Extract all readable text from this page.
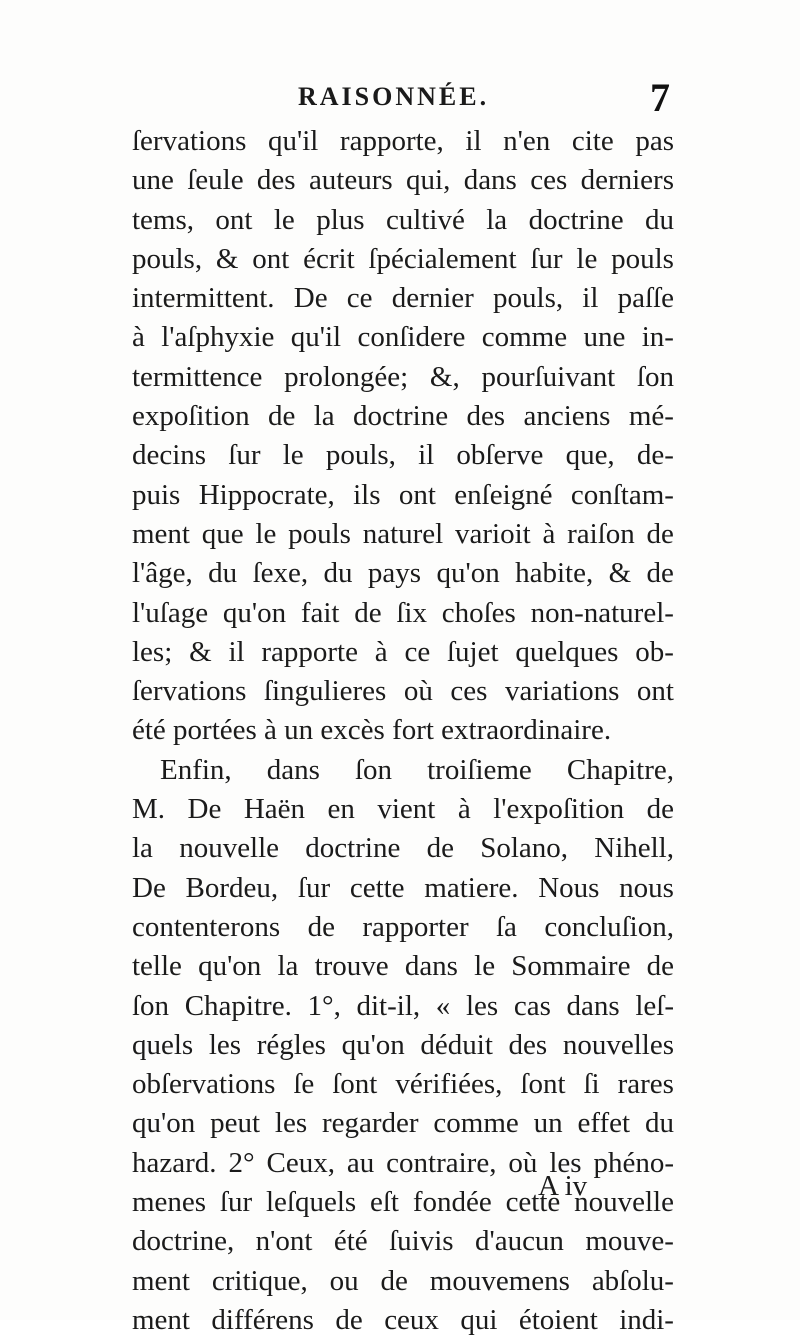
RAISONNÉE.	7
ſervations qu'il rapporte, il n'en cite pas
une ſeule des auteurs qui, dans ces derniers
tems, ont le plus cultivé la doctrine du
pouls, & ont écrit ſpécialement ſur le pouls
intermittent. De ce dernier pouls, il paſſe
à l'aſphyxie qu'il conſidere comme une in-
termittence prolongée; &, pourſuivant ſon
expoſition de la doctrine des anciens mé-
decins ſur le pouls, il obſerve que, de-
puis Hippocrate, ils ont enſeigné conſtam-
ment que le pouls naturel varioit à raiſon de
l'âge, du ſexe, du pays qu'on habite, & de
l'uſage qu'on fait de ſix choſes non-naturel-
les; & il rapporte à ce ſujet quelques ob-
ſervations ſingulieres où ces variations ont
été portées à un excès fort extraordinaire.
Enfin, dans ſon troiſieme Chapitre,
M. De Haën en vient à l'expoſition de
la nouvelle doctrine de Solano, Nihell,
De Bordeu, ſur cette matiere. Nous nous
contenterons de rapporter ſa concluſion,
telle qu'on la trouve dans le Sommaire de
ſon Chapitre. 1°, dit-il, « les cas dans leſ-
quels les régles qu'on déduit des nouvelles
obſervations ſe ſont vérifiées, ſont ſi rares
qu'on peut les regarder comme un effet du
hazard. 2° Ceux, au contraire, où les phéno-
menes ſur leſquels eſt fondée cette nouvelle
doctrine, n'ont été ſuivis d'aucun mouve-
ment critique, ou de mouvemens abſolu-
ment différens de ceux qui étoient indi-
A iv
